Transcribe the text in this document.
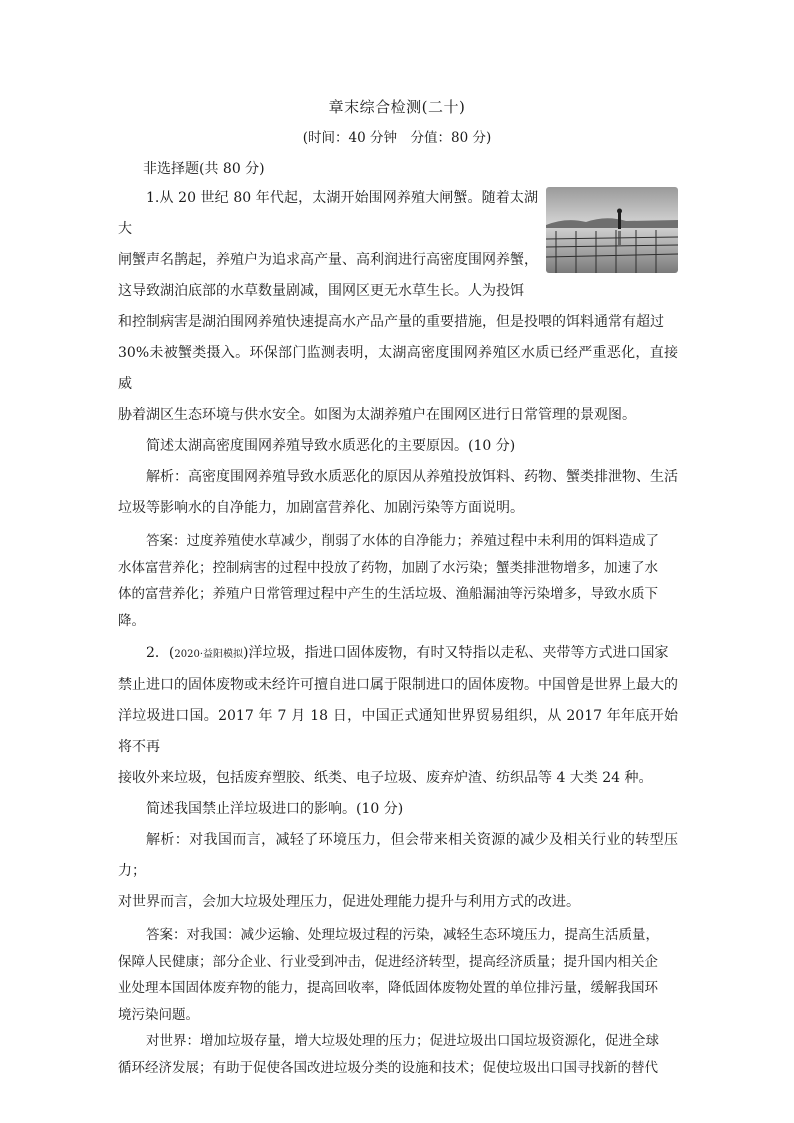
章末综合检测(二十)
(时间：40 分钟　分值：80 分)
非选择题(共 80 分)

1.从 20 世纪 80 年代起，太湖开始围网养殖大闸蟹。随着太湖大

闸蟹声名鹊起，养殖户为追求高产量、高利润进行高密度围网养蟹，

这导致湖泊底部的水草数量剧减，围网区更无水草生长。人为投饵

和控制病害是湖泊围网养殖快速提高水产品产量的重要措施，但是投喂的饵料通常有超过

30%未被蟹类摄入。环保部门监测表明，太湖高密度围网养殖区水质已经严重恶化，直接威

胁着湖区生态环境与供水安全。如图为太湖养殖户在围网区进行日常管理的景观图。

简述太湖高密度围网养殖导致水质恶化的主要原因。(10 分)

解析：高密度围网养殖导致水质恶化的原因从养殖投放饵料、药物、蟹类排泄物、生活

垃圾等影响水的自净能力，加剧富营养化、加剧污染等方面说明。

答案：过度养殖使水草减少，削弱了水体的自净能力；养殖过程中未利用的饵料造成了

水体富营养化；控制病害的过程中投放了药物，加剧了水污染；蟹类排泄物增多，加速了水

体的富营养化；养殖户日常管理过程中产生的生活垃圾、渔船漏油等污染增多，导致水质下

降。

2．(2020·益阳模拟)洋垃圾，指进口固体废物，有时又特指以走私、夹带等方式进口国家

禁止进口的固体废物或未经许可擅自进口属于限制进口的固体废物。中国曾是世界上最大的

洋垃圾进口国。2017 年 7 月 18 日，中国正式通知世界贸易组织，从 2017 年年底开始将不再

接收外来垃圾，包括废弃塑胶、纸类、电子垃圾、废弃炉渣、纺织品等 4 大类 24 种。

简述我国禁止洋垃圾进口的影响。(10 分)

解析：对我国而言，减轻了环境压力，但会带来相关资源的减少及相关行业的转型压力；

对世界而言，会加大垃圾处理压力，促进处理能力提升与利用方式的改进。

答案：对我国：减少运输、处理垃圾过程的污染，减轻生态环境压力，提高生活质量，

保障人民健康；部分企业、行业受到冲击，促进经济转型，提高经济质量；提升国内相关企

业处理本国固体废弃物的能力，提高回收率，降低固体废物处置的单位排污量，缓解我国环

境污染问题。

对世界：增加垃圾存量，增大垃圾处理的压力；促进垃圾出口国垃圾资源化，促进全球

循环经济发展；有助于促使各国改进垃圾分类的设施和技术；促使垃圾出口国寻找新的替代
